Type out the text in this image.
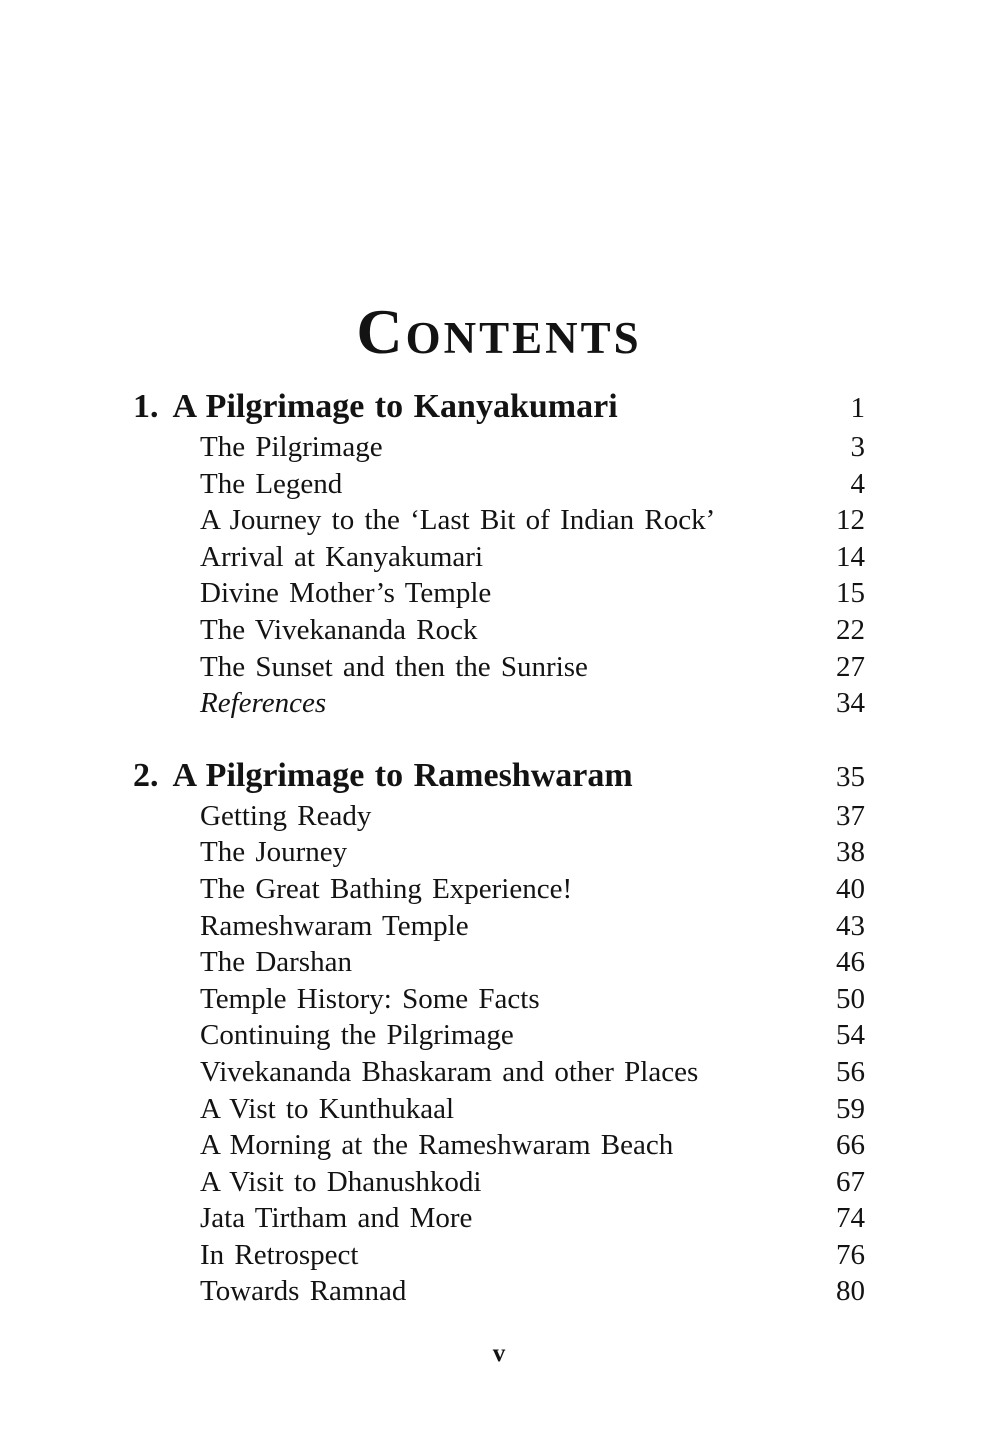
CONTENTS
1. A Pilgrimage to Kanyakumari	1
The Pilgrimage	3
The Legend	4
A Journey to the ‘Last Bit of Indian Rock’	12
Arrival at Kanyakumari	14
Divine Mother’s Temple	15
The Vivekananda Rock	22
The Sunset and then the Sunrise	27
References	34
2. A Pilgrimage to Rameshwaram	35
Getting Ready	37
The Journey	38
The Great Bathing Experience!	40
Rameshwaram Temple	43
The Darshan	46
Temple History: Some Facts	50
Continuing the Pilgrimage	54
Vivekananda Bhaskaram and other Places	56
A Vist to Kunthukaal	59
A Morning at the Rameshwaram Beach	66
A Visit to Dhanushkodi	67
Jata Tirtham and More	74
In Retrospect	76
Towards Ramnad	80
v
